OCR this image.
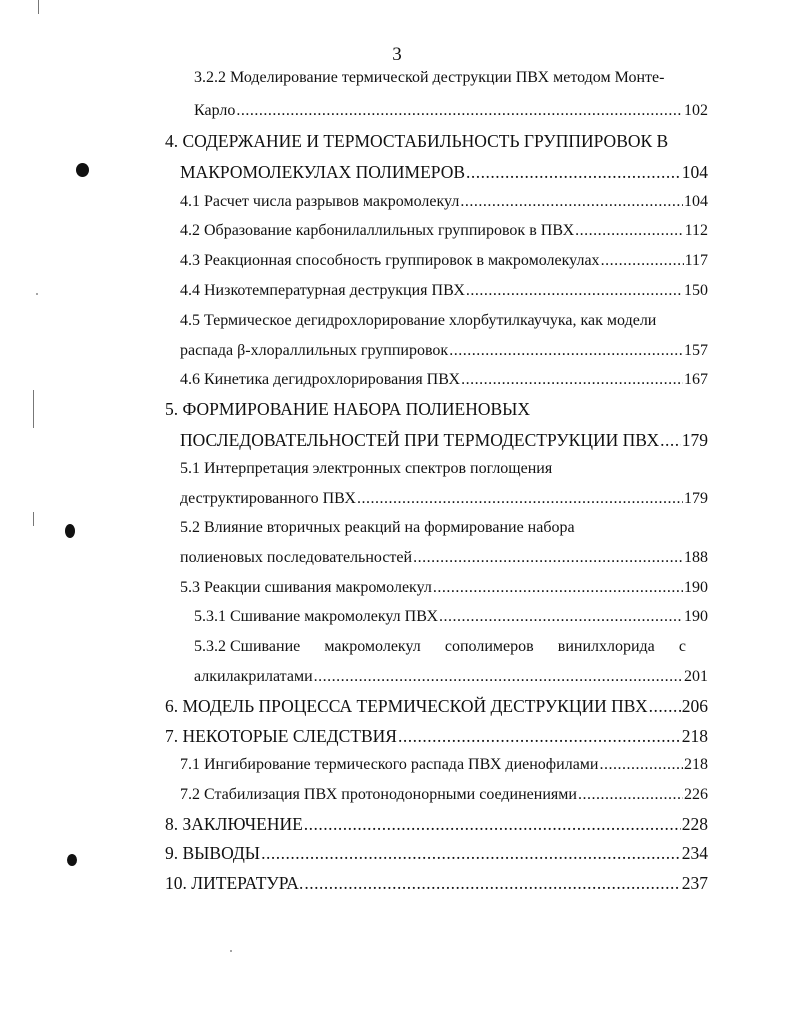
3
3.2.2 Моделирование термической деструкции ПВХ методом Монте-
Карло .....	102
4. СОДЕРЖАНИЕ И ТЕРМОСТАБИЛЬНОСТЬ ГРУППИРОВОК В
МАКРОМОЛЕКУЛАХ ПОЛИМЕРОВ .....	104
4.1 Расчет числа разрывов макромолекул .....	104
4.2 Образование карбонилаллильных группировок в ПВХ .....	112
4.3 Реакционная способность группировок в макромолекулах .....	117
4.4 Низкотемпературная деструкция ПВХ .....	150
4.5 Термическое дегидрохлорирование хлорбутилкаучука, как модели
распада β-хлораллильных группировок .....	157
4.6 Кинетика дегидрохлорирования ПВХ .....	167
5. ФОРМИРОВАНИЕ НАБОРА ПОЛИЕНОВЫХ
ПОСЛЕДОВАТЕЛЬНОСТЕЙ ПРИ ТЕРМОДЕСТРУКЦИИ ПВХ ..... 179
5.1 Интерпретация электронных спектров поглощения
деструктированного ПВХ .....	179
5.2 Влияние вторичных реакций на формирование набора
полиеновых последовательностей .....	188
5.3 Реакции сшивания макромолекул .....	190
5.3.1 Сшивание макромолекул ПВХ .....	190
5.3.2 Сшивание макромолекул сополимеров винилхлорида с
алкилакрилатами .....	201
6. МОДЕЛЬ ПРОЦЕССА ТЕРМИЧЕСКОЙ ДЕСТРУКЦИИ ПВХ ..... 206
7. НЕКОТОРЫЕ СЛЕДСТВИЯ .....	218
7.1 Ингибирование термического распада ПВХ диенофилами .....	218
7.2 Стабилизация ПВХ протонодонорными соединениями .....	226
8. ЗАКЛЮЧЕНИЕ .....	228
9. ВЫВОДЫ .....	234
10. ЛИТЕРАТУРА. .....	237
